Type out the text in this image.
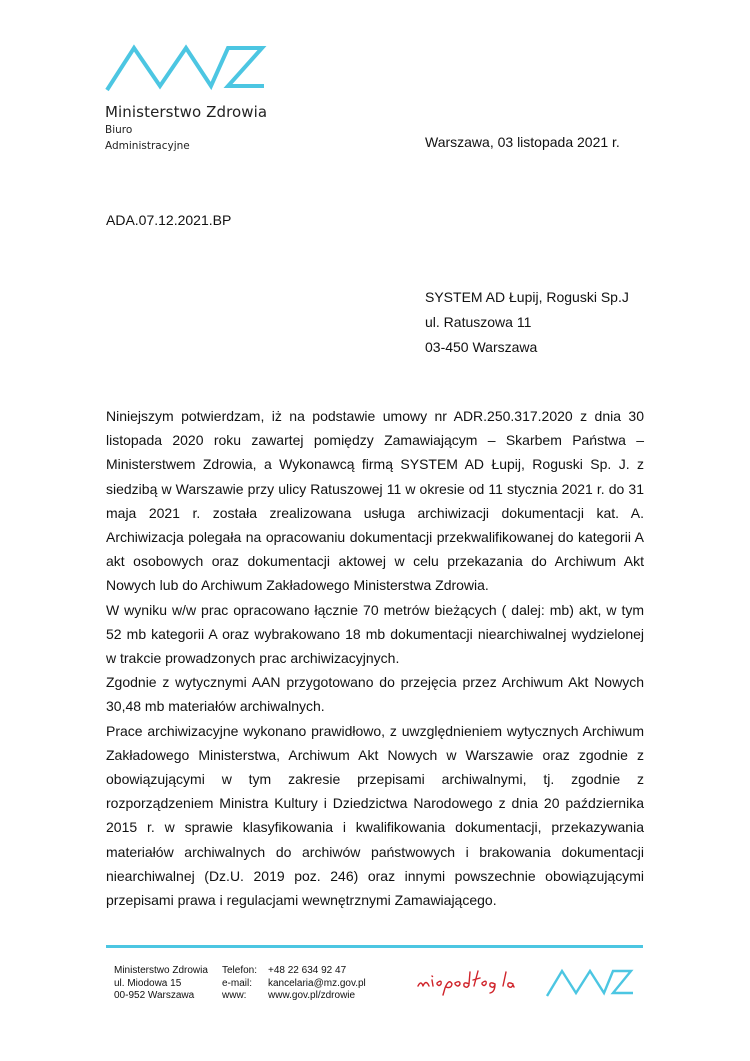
Ministerstwo Zdrowia
Biuro
Administracyjne	Warszawa, 03 listopada 2021 r.
ADA.07.12.2021.BP
SYSTEM AD Łupij, Roguski Sp.J
ul. Ratuszowa 11
03-450 Warszawa

Niniejszym potwierdzam, iż na podstawie umowy nr ADR.250.317.2020 z dnia 30 listopada 2020 roku zawartej pomiędzy Zamawiającym – Skarbem Państwa – Ministerstwem Zdrowia, a Wykonawcą firmą SYSTEM AD Łupij, Roguski Sp. J. z siedzibą w Warszawie przy ulicy Ratuszowej 11 w okresie od 11 stycznia 2021 r. do 31 maja 2021 r. została zrealizowana usługa archiwizacji dokumentacji kat. A. Archiwizacja polegała na opracowaniu dokumentacji przekwalifikowanej do kategorii A akt osobowych oraz dokumentacji aktowej w celu przekazania do Archiwum Akt Nowych lub do Archiwum Zakładowego Ministerstwa Zdrowia.

W wyniku w/w prac opracowano łącznie 70 metrów bieżących ( dalej: mb) akt, w tym 52 mb kategorii A oraz wybrakowano 18 mb dokumentacji niearchiwalnej wydzielonej w trakcie prowadzonych prac archiwizacyjnych.

Zgodnie z wytycznymi AAN przygotowano do przejęcia przez Archiwum Akt Nowych 30,48 mb materiałów archiwalnych.

Prace archiwizacyjne wykonano prawidłowo, z uwzględnieniem wytycznych Archiwum Zakładowego Ministerstwa, Archiwum Akt Nowych w Warszawie oraz zgodnie z obowiązującymi w tym zakresie przepisami archiwalnymi, tj. zgodnie z rozporządzeniem Ministra Kultury i Dziedzictwa Narodowego z dnia 20 października 2015 r. w sprawie klasyfikowania i kwalifikowania dokumentacji, przekazywania materiałów archiwalnych do archiwów państwowych i brakowania dokumentacji niearchiwalnej (Dz.U. 2019 poz. 246) oraz innymi powszechnie obowiązującymi przepisami prawa i regulacjami wewnętrznymi Zamawiającego.

Ministerstwo Zdrowia
ul. Miodowa 15
00-952 Warszawa
Telefon:
e-mail:
www:
+48 22 634 92 47
kancelaria@mz.gov.pl
www.gov.pl/zdrowie
